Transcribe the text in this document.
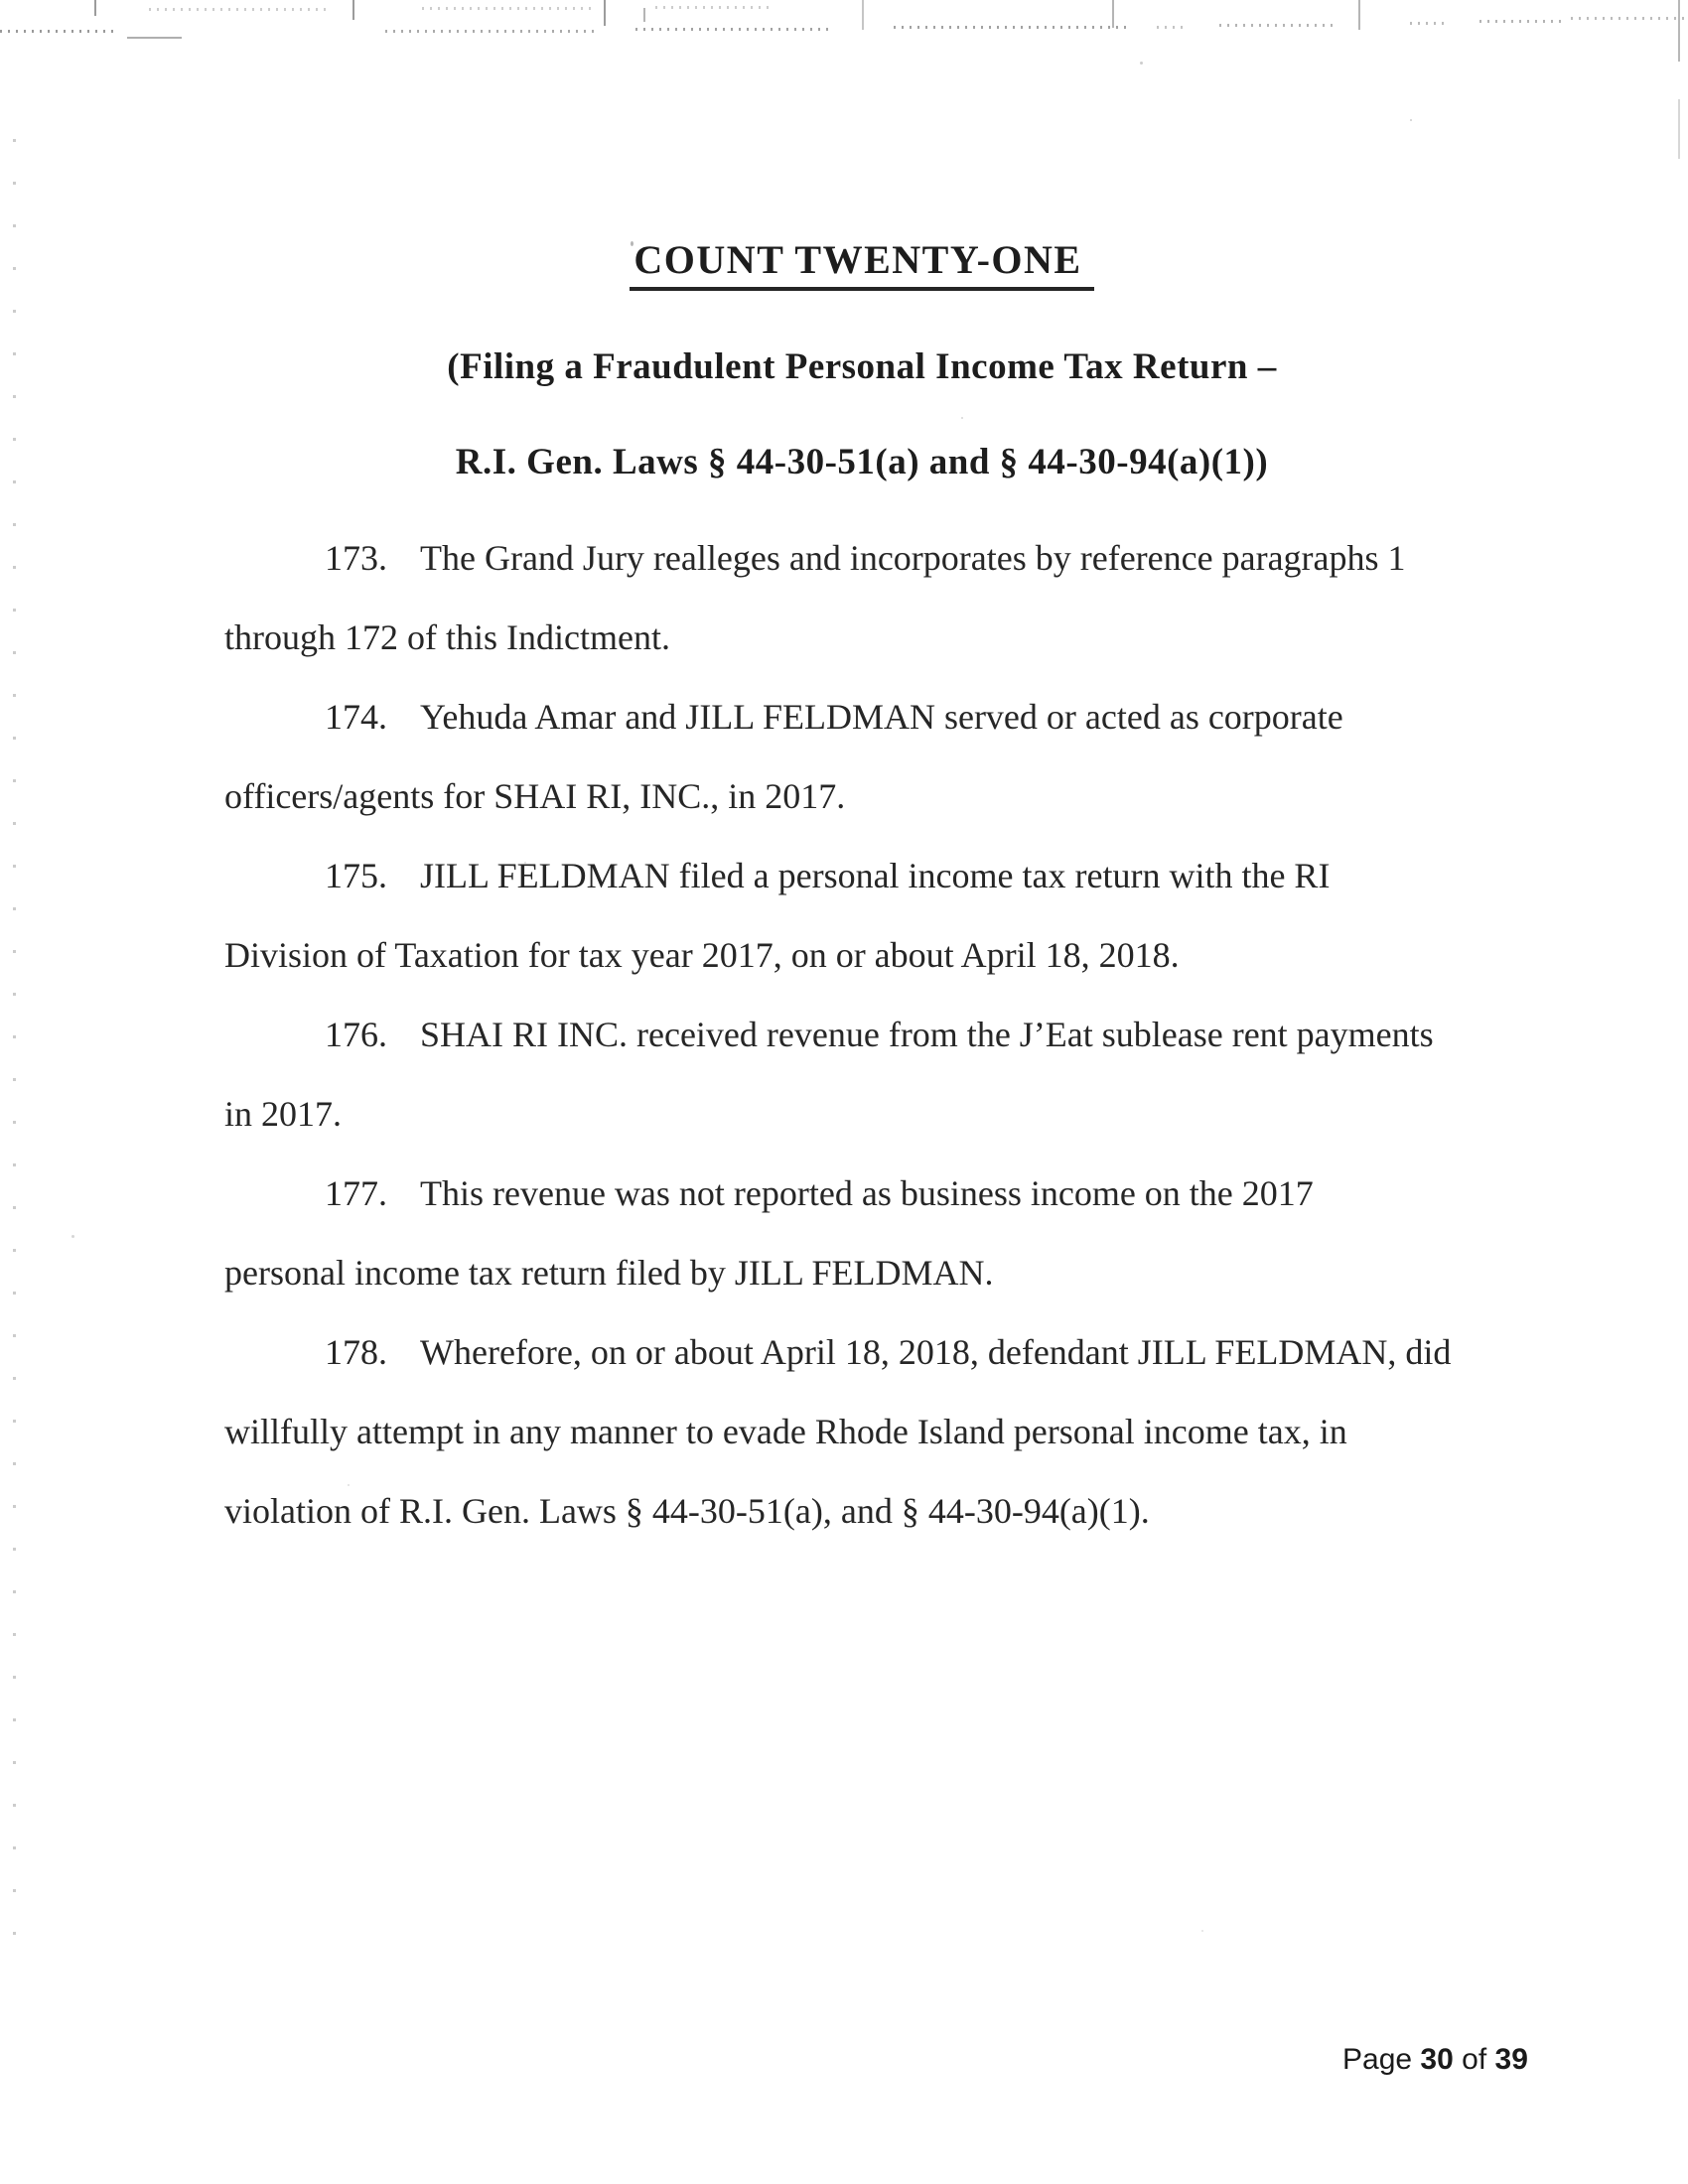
COUNT TWENTY-ONE
(Filing a Fraudulent Personal Income Tax Return –
R.I. Gen. Laws § 44-30-51(a) and § 44-30-94(a)(1))
173. The Grand Jury realleges and incorporates by reference paragraphs 1
through 172 of this Indictment.
174. Yehuda Amar and JILL FELDMAN served or acted as corporate
officers/agents for SHAI RI, INC., in 2017.
175. JILL FELDMAN filed a personal income tax return with the RI
Division of Taxation for tax year 2017, on or about April 18, 2018.
176. SHAI RI INC. received revenue from the J’Eat sublease rent payments
in 2017.
177. This revenue was not reported as business income on the 2017
personal income tax return filed by JILL FELDMAN.
178. Wherefore, on or about April 18, 2018, defendant JILL FELDMAN, did
willfully attempt in any manner to evade Rhode Island personal income tax, in
violation of R.I. Gen. Laws § 44-30-51(a), and § 44-30-94(a)(1).
Page 30 of 39
